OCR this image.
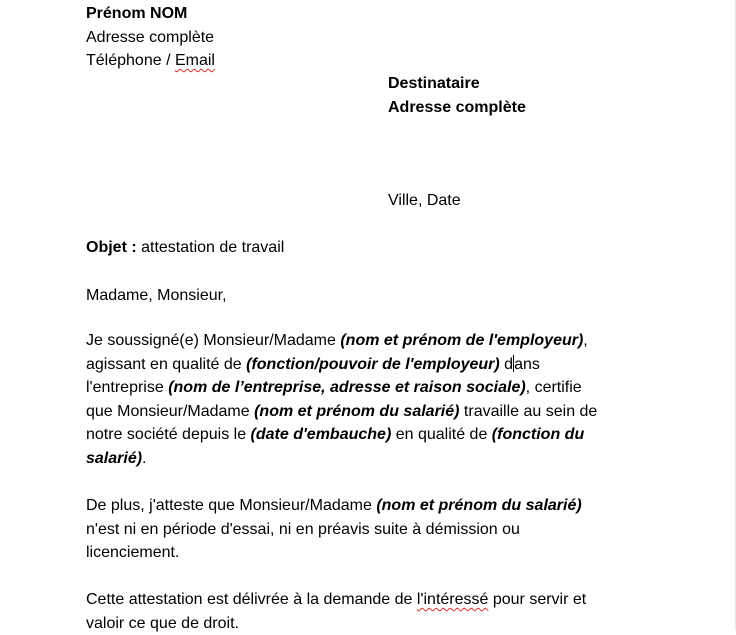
Prénom NOM
Adresse complète
Téléphone / Email
Destinataire
Adresse complète
Ville, Date
Objet : attestation de travail
Madame, Monsieur,
Je soussigné(e) Monsieur/Madame (nom et prénom de l'employeur),
agissant en qualité de (fonction/pouvoir de l'employeur) dans
l'entreprise (nom de l’entreprise, adresse et raison sociale), certifie
que Monsieur/Madame (nom et prénom du salarié) travaille au sein de
notre société depuis le (date d'embauche) en qualité de (fonction du
salarié).
De plus, j'atteste que Monsieur/Madame (nom et prénom du salarié)
n'est ni en période d'essai, ni en préavis suite à démission ou
licenciement.
Cette attestation est délivrée à la demande de l'intéressé pour servir et
valoir ce que de droit.
